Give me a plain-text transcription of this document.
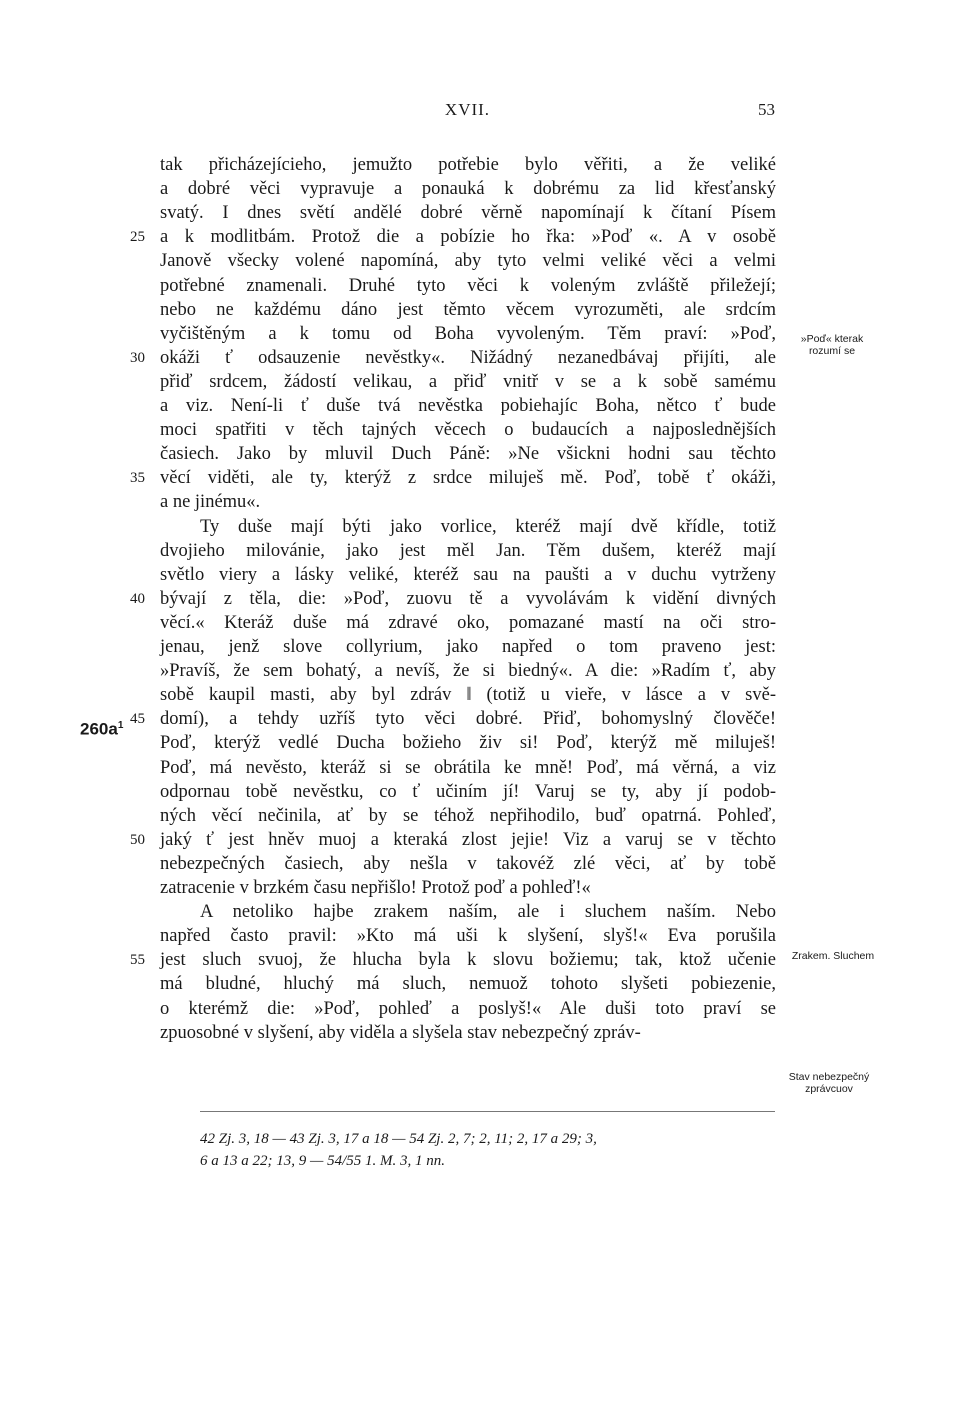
XVII.	53
tak přicházejícieho, jemužto potřebie bylo věřiti, a že veliké
a dobré věci vypravuje a ponauká k dobrému za lid křesťanský
svatý. I dnes světí andělé dobré věrně napomínají k čítaní Písem
a k modlitbám. Protož die a pobízie ho řka: »Poď «. A v osobě
25
Janově všecky volené napomíná, aby tyto velmi veliké věci a velmi
potřebné znamenali. Druhé tyto věci k voleným zvláště přiležejí;
nebo ne každému dáno jest těmto věcem vyrozuměti, ale srdcím
vyčištěným a k tomu od Boha vyvoleným. Těm praví: »Poď,
okáži ť odsauzenie nevěstky«. Nižádný nezanedbávaj přijíti, ale
30
přiď srdcem, žádostí velikau, a přiď vnitř v se a k sobě samému
a viz. Není-li ť duše tvá nevěstka pobiehajíc Boha, nětco ť bude
moci spatřiti v těch tajných věcech o budaucích a najposlednějších
časiech. Jako by mluvil Duch Páně: »Ne všickni hodni sau těchto
věcí viděti, ale ty, kterýž z srdce miluješ mě. Poď, tobě ť okáži,
35
a ne jinému«.
Ty duše mají býti jako vorlice, kteréž mají dvě křídle, totiž
dvojieho milovánie, jako jest měl Jan. Těm dušem, kteréž mají
světlo viery a lásky veliké, kteréž sau na paušti a v duchu vytrženy
bývají z těla, die: »Poď, zuovu tě a vyvolávám k vidění divných
40
věcí.« Kteráž duše má zdravé oko, pomazané mastí na oči stro-
jenau, jenž slove collyrium, jako napřed o tom praveno jest:
»Pravíš, že sem bohatý, a nevíš, že si biedný«. A die: »Radím ť, aby
sobě kaupil masti, aby byl zdráv ‖ (totiž u vieře, v lásce a v svě-
domí), a tehdy uzříš tyto věci dobré. Přiď, bohomyslný člověče!
45
Poď, kterýž vedlé Ducha božieho živ si! Poď, kterýž mě miluješ!
Poď, má nevěsto, kteráž si se obrátila ke mně! Poď, má věrná, a viz
odpornau tobě nevěstku, co ť učiním jí! Varuj se ty, aby jí podob-
ných věcí nečinila, ať by se téhož nepřihodilo, buď opatrná. Pohleď,
jaký ť jest hněv muoj a kteraká zlost jejie! Viz a varuj se v těchto
50
nebezpečných časiech, aby nešla v takovéž zlé věci, ať by tobě
zatracenie v brzkém času nepřišlo! Protož poď a pohleď!«
A netoliko hajbe zrakem naším, ale i sluchem naším. Nebo
napřed často pravil: »Kto má uši k slyšení, slyš!« Eva porušila
jest sluch svuoj, že hlucha byla k slovu božiemu; tak, ktož učenie
55
má bludné, hluchý má sluch, nemuož tohoto slyšeti pobiezenie,
o kterémž die: »Poď, pohleď a poslyš!« Ale duši toto praví se
zpuosobné v slyšení, aby viděla a slyšela stav nebezpečný zpráv-
$260a^1$
»Poď« kterak
rozumí se
Zrakem. Sluchem
Stav nebezpečný
zprávcuov
42 Zj. 3, 18 — 43 Zj. 3, 17 a 18 — 54 Zj. 2, 7; 2, 11; 2, 17 a 29; 3,
6 a 13 a 22; 13, 9 — 54/55 1. M. 3, 1 nn.
